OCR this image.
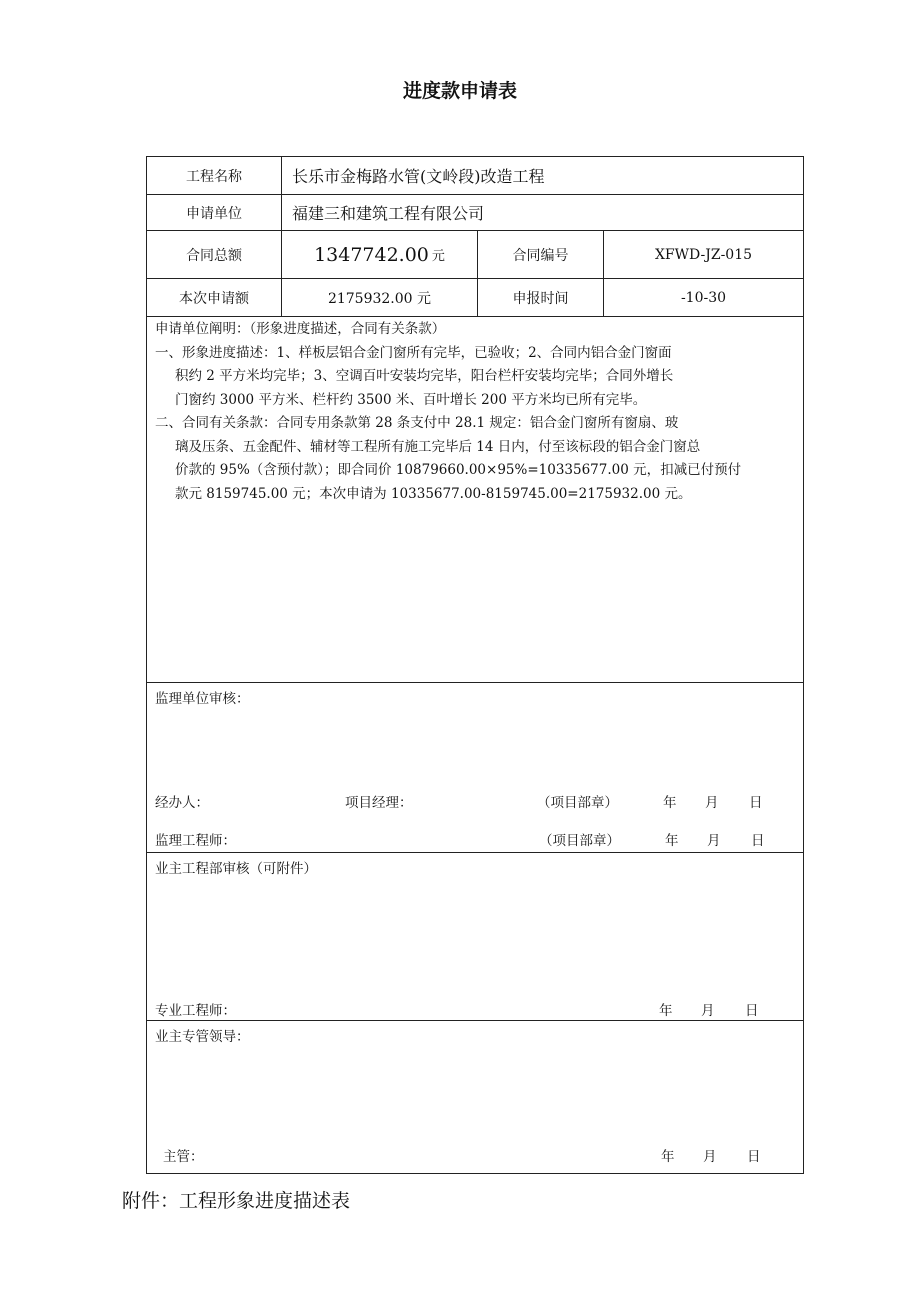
进度款申请表
工程名称	长乐市金梅路水管(文岭段)改造工程
申请单位	福建三和建筑工程有限公司
合同总额	1347742.00 元	合同编号	XFWD-JZ-015
本次申请额	2175932.00 元	申报时间	-10-30

申请单位阐明：（形象进度描述，合同有关条款）

一、形象进度描述：1、样板层铝合金门窗所有完毕，已验收；2、合同内铝合金门窗面

积约 2 平方米均完毕；3、空调百叶安装均完毕，阳台栏杆安装均完毕；合同外增长

门窗约 3000 平方米、栏杆约 3500 米、百叶增长 200 平方米均已所有完毕。

二、合同有关条款：合同专用条款第 28 条支付中 28.1 规定：铝合金门窗所有窗扇、玻

璃及压条、五金配件、辅材等工程所有施工完毕后 14 日内，付至该标段的铝合金门窗总

价款的 95%（含预付款）；即合同价 10879660.00×95%=10335677.00 元，扣减已付预付

款元 8159745.00 元；本次申请为 10335677.00-8159745.00=2175932.00 元。

经办人：	项目经理：	（项目部章）	年 月 日
监理单位审核：
监理工程师：	（项目部章）	年 月 日
业主工程部审核（可附件）
专业工程师：	年 月 日
业主专管领导：
主管：	年 月 日
附件：工程形象进度描述表
